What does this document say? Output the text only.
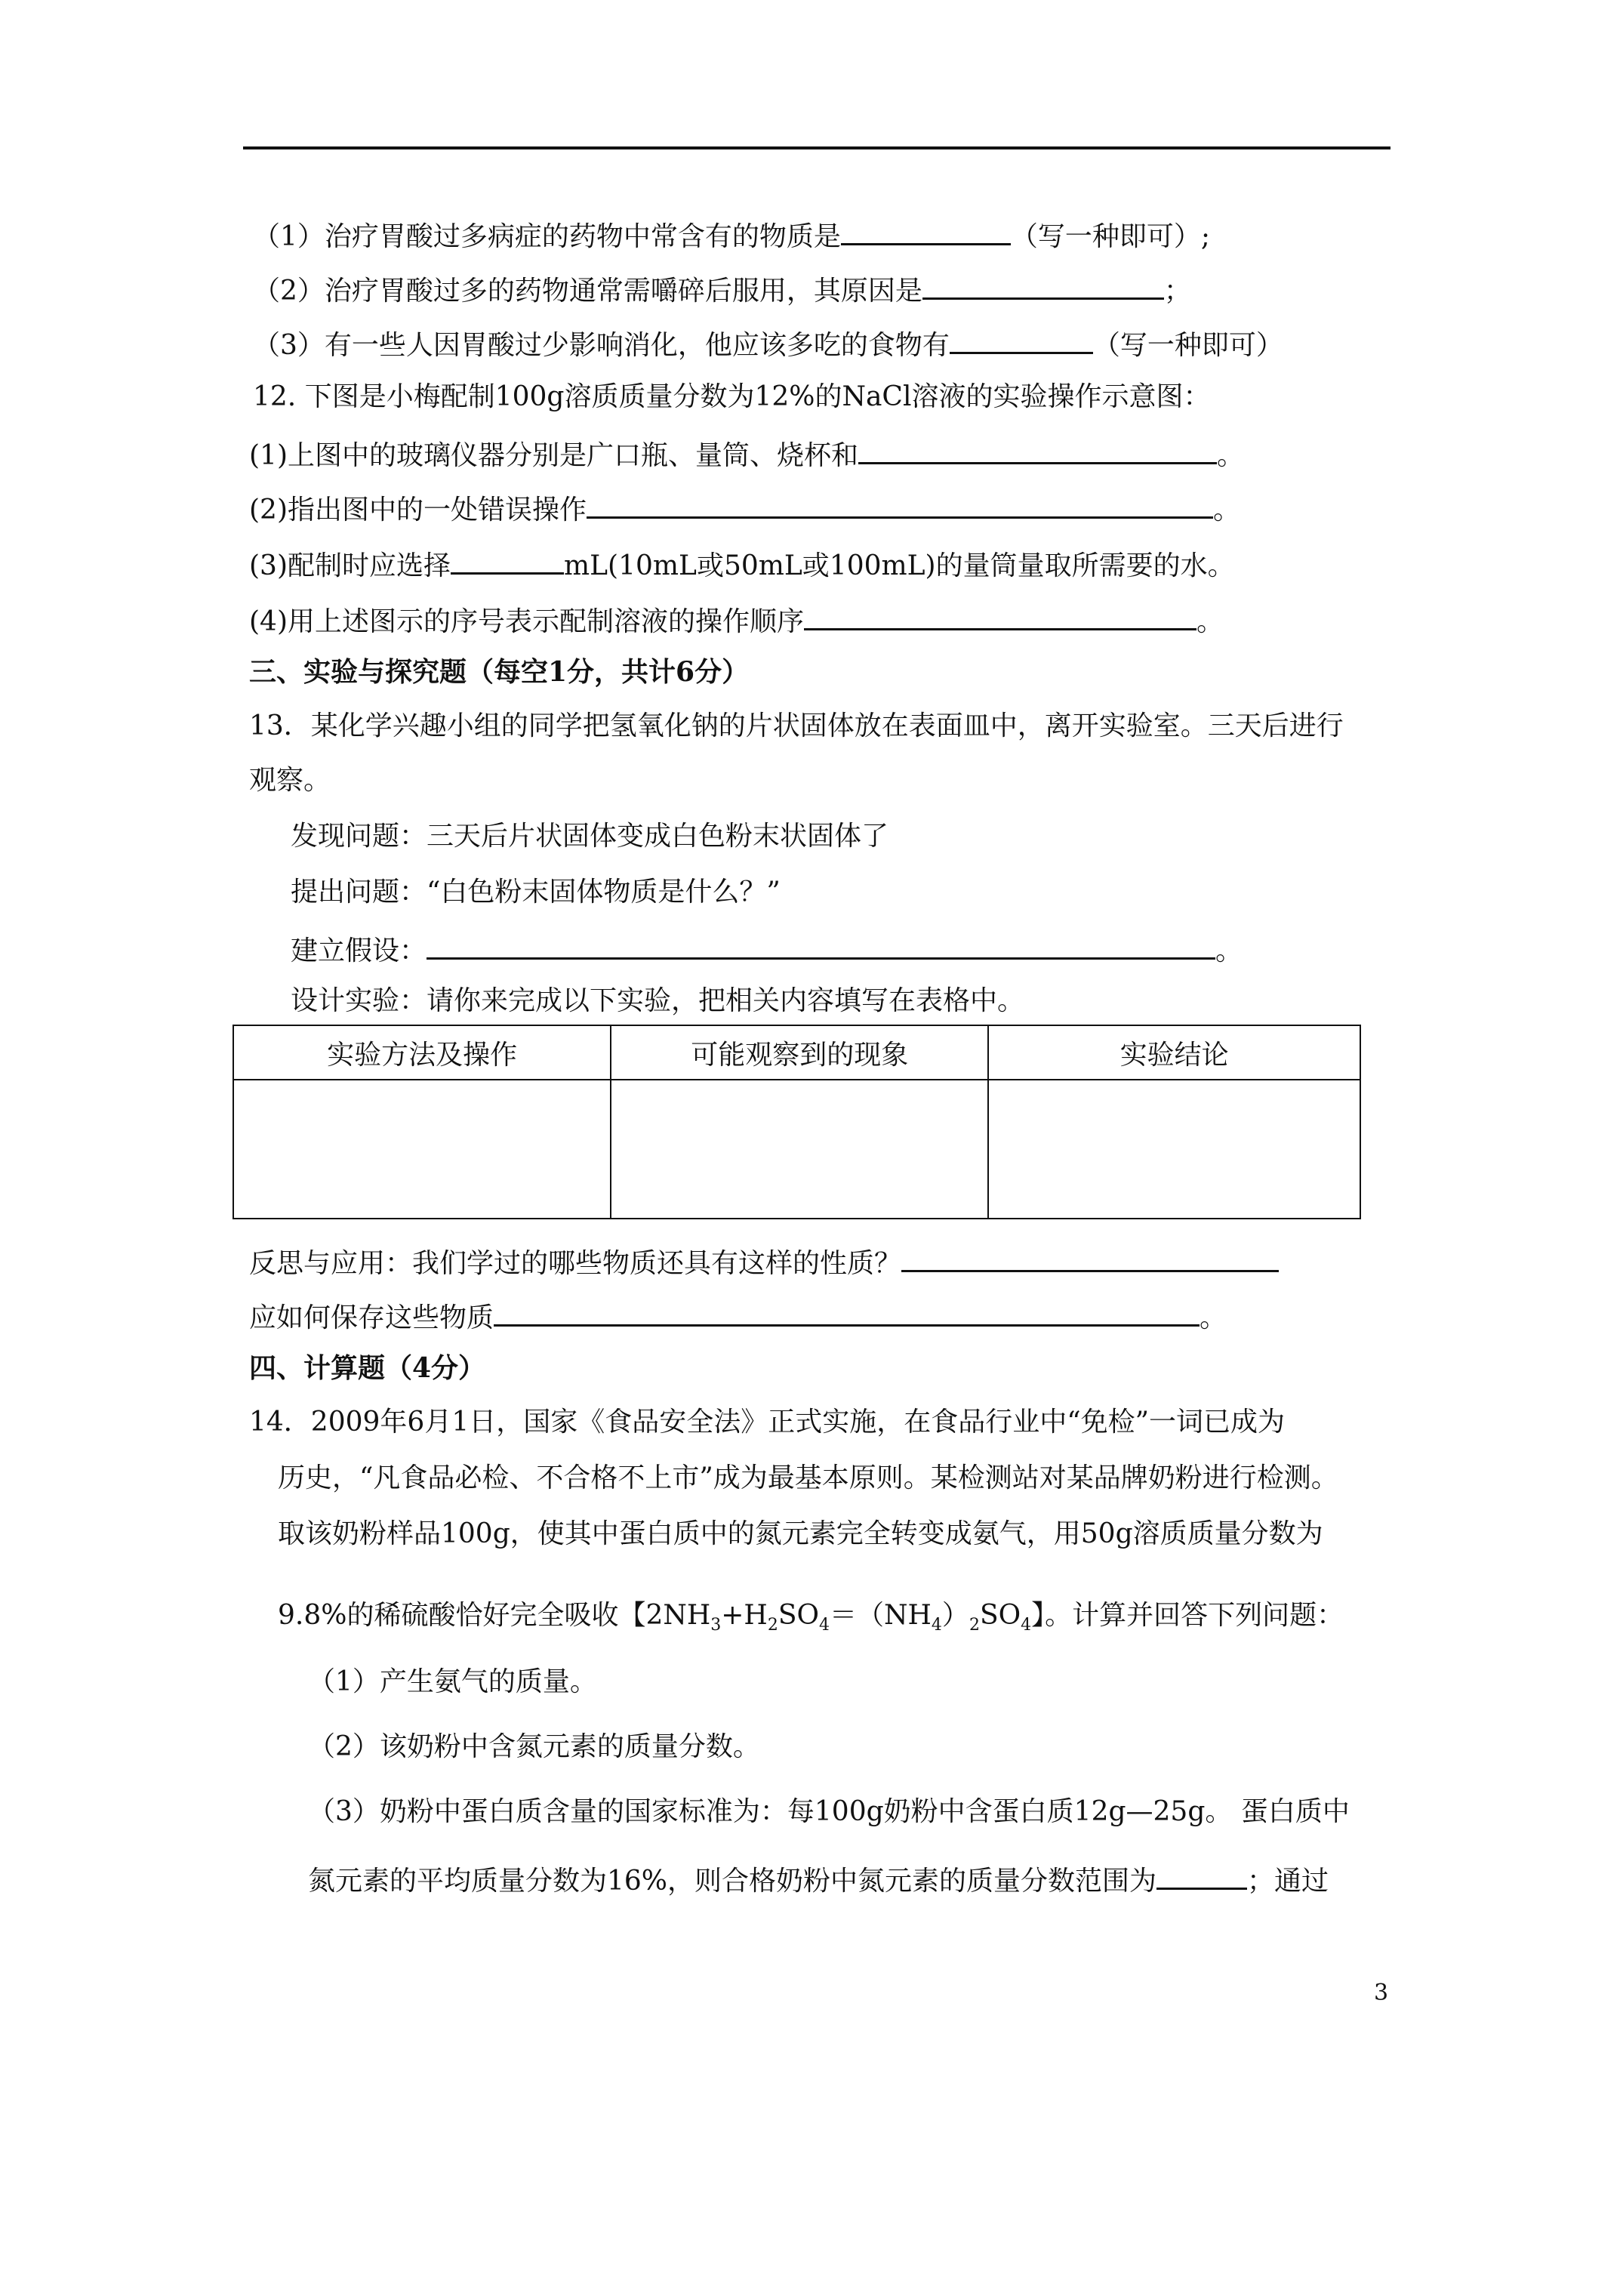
（1）治疗胃酸过多病症的药物中常含有的物质是	（写一种即可）;
（2）治疗胃酸过多的药物通常需嚼碎后服用，其原因是	；
（3）有一些人因胃酸过少影响消化，他应该多吃的食物有	（写一种即可）
12. 下图是小梅配制100g溶质质量分数为12%的NaCl溶液的实验操作示意图：
(1)上图中的玻璃仪器分别是广口瓶、量筒、烧杯和	。
(2)指出图中的一处错误操作	。
(3)配制时应选择	mL(10mL或50mL或100mL)的量筒量取所需要的水。
(4)用上述图示的序号表示配制溶液的操作顺序	。
三、实验与探究题（每空1分，共计6分）
13．某化学兴趣小组的同学把氢氧化钠的片状固体放在表面皿中，离开实验室。三天后进行
观察。
发现问题：三天后片状固体变成白色粉末状固体了
提出问题：“白色粉末固体物质是什么？”
建立假设：	。
设计实验：请你来完成以下实验，把相关内容填写在表格中。
实验方法及操作	可能观察到的现象	实验结论

反思与应用：我们学过的哪些物质还具有这样的性质？
应如何保存这些物质	。
四、计算题（4分）
14．2009年6月1日，国家《食品安全法》正式实施，在食品行业中“免检”一词已成为
历史，“凡食品必检、不合格不上市”成为最基本原则。某检测站对某品牌奶粉进行检测。
取该奶粉样品100g，使其中蛋白质中的氮元素完全转变成氨气，用50g溶质质量分数为
9.8%的稀硫酸恰好完全吸收【$2NH_3+H_2SO_4=(NH_4)_2SO_4$】。计算并回答下列问题：
（1）产生氨气的质量。
（2）该奶粉中含氮元素的质量分数。
（3）奶粉中蛋白质含量的国家标准为：每100g奶粉中含蛋白质12g—25g。 蛋白质中
氮元素的平均质量分数为16%，则合格奶粉中氮元素的质量分数范围为	；通过
3
